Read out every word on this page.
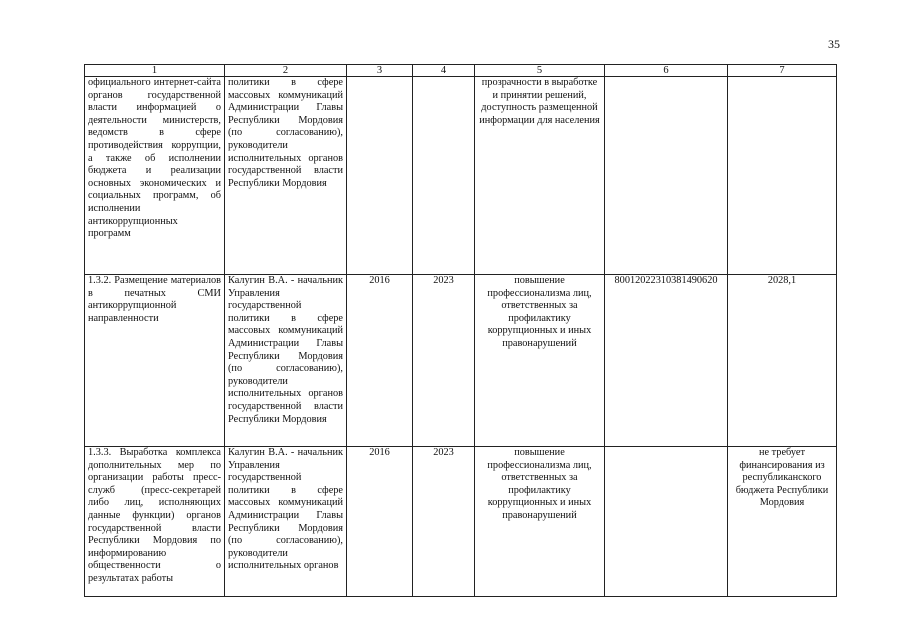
35
1	2	3	4	5	6	7
официального интернет-сайта органов государственной власти информацией о деятельности министерств, ведомств в сфере противодействия коррупции, а также об исполнении бюджета и реализации основных экономических и социальных программ, об исполнении антикоррупционных программ	политики в сфере массовых коммуникаций Администрации Главы Республики Мордовия (по согласованию), руководители исполнительных органов государственной власти Республики Мордовия			прозрачности в выработке и принятии решений, доступность размещенной информации для населения		
1.3.2. Размещение материалов в печатных СМИ антикоррупционной направленности	Калугин В.А. - начальник Управления государственной политики в сфере массовых коммуникаций Администрации Главы Республики Мордовия (по согласованию), руководители исполнительных органов государственной власти Республики Мордовия	2016	2023	повышение профессионализма лиц, ответственных за профилактику коррупционных и иных правонарушений	80012022310381490620	2028,1
1.3.3. Выработка комплекса дополнительных мер по организации работы пресс-служб (пресс-секретарей либо лиц, исполняющих данные функции) органов государственной власти Республики Мордовия по информированию общественности о результатах работы	Калугин В.А. - начальник Управления государственной политики в сфере массовых коммуникаций Администрации Главы Республики Мордовия (по согласованию), руководители исполнительных органов	2016	2023	повышение профессионализма лиц, ответственных за профилактику коррупционных и иных правонарушений		не требует финансирования из республиканского бюджета Республики Мордовия
